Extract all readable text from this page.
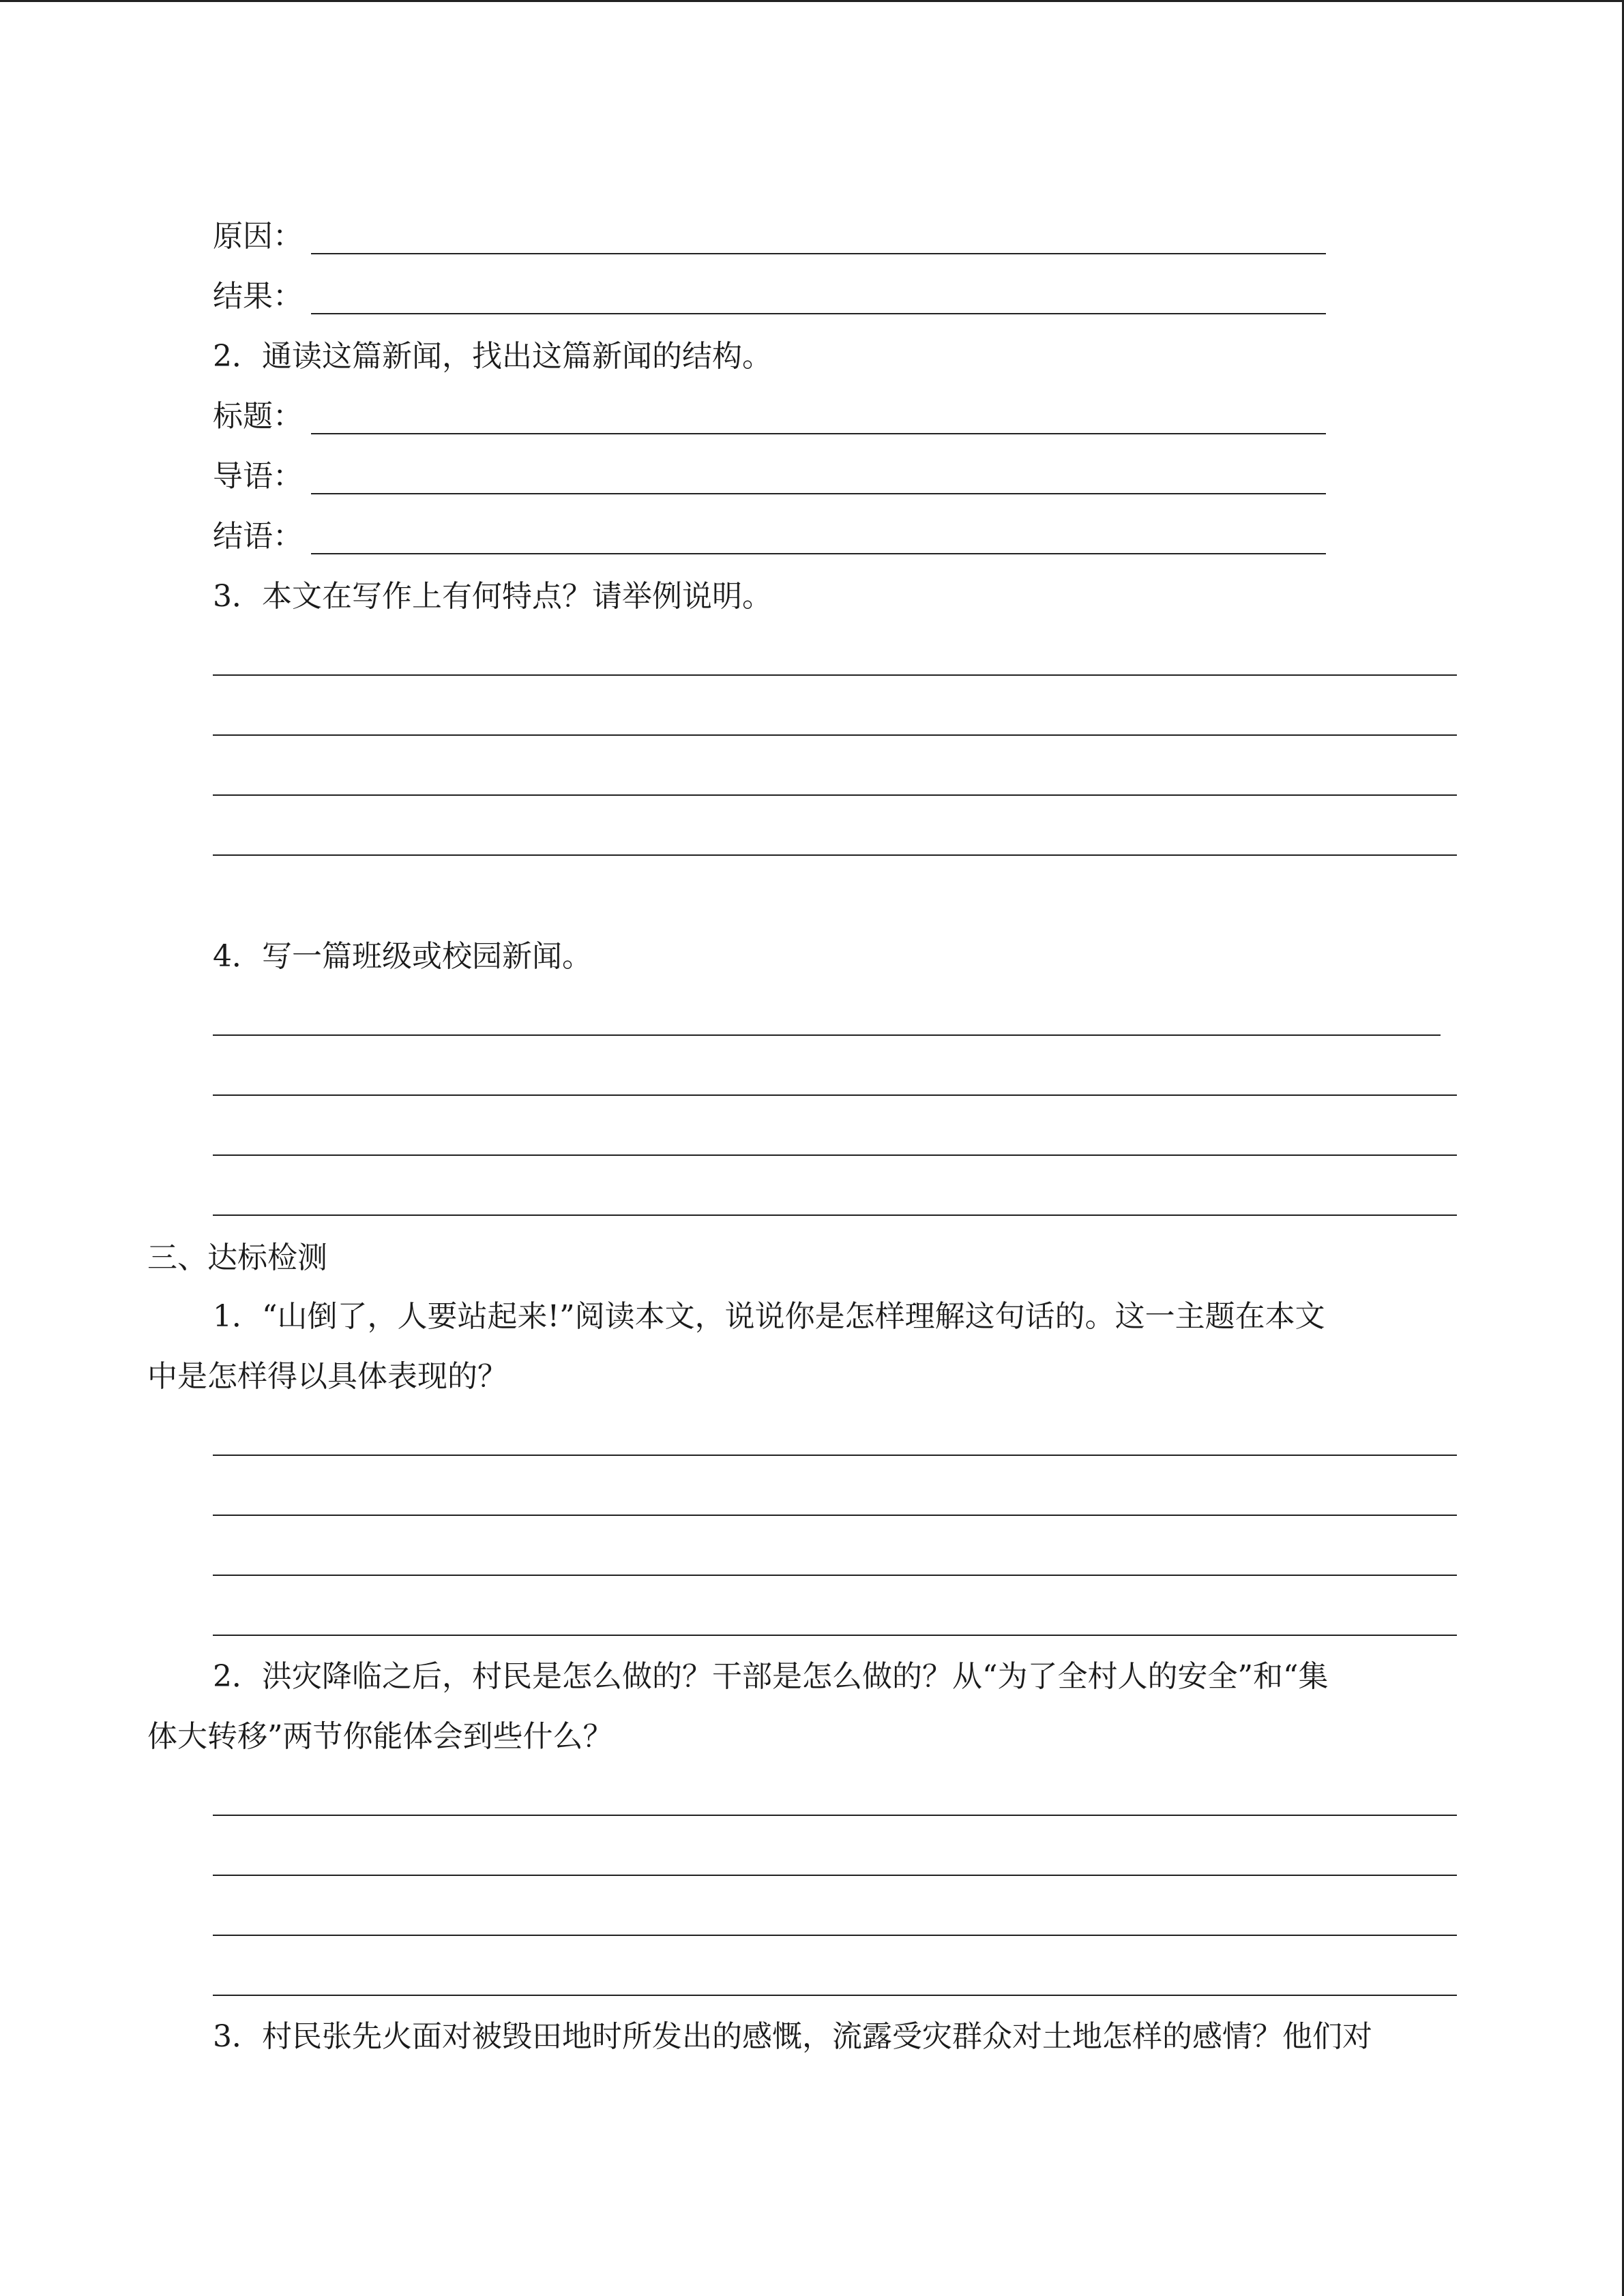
原因：
结果：
2．通读这篇新闻，找出这篇新闻的结构。
标题：
导语：
结语：
3．本文在写作上有何特点？请举例说明。
4．写一篇班级或校园新闻。
三、达标检测
1．“山倒了，人要站起来!”阅读本文，说说你是怎样理解这句话的。这一主题在本文
中是怎样得以具体表现的？
2．洪灾降临之后，村民是怎么做的？干部是怎么做的？从“为了全村人的安全”和“集
体大转移”两节你能体会到些什么？
3．村民张先火面对被毁田地时所发出的感慨，流露受灾群众对土地怎样的感情？他们对
